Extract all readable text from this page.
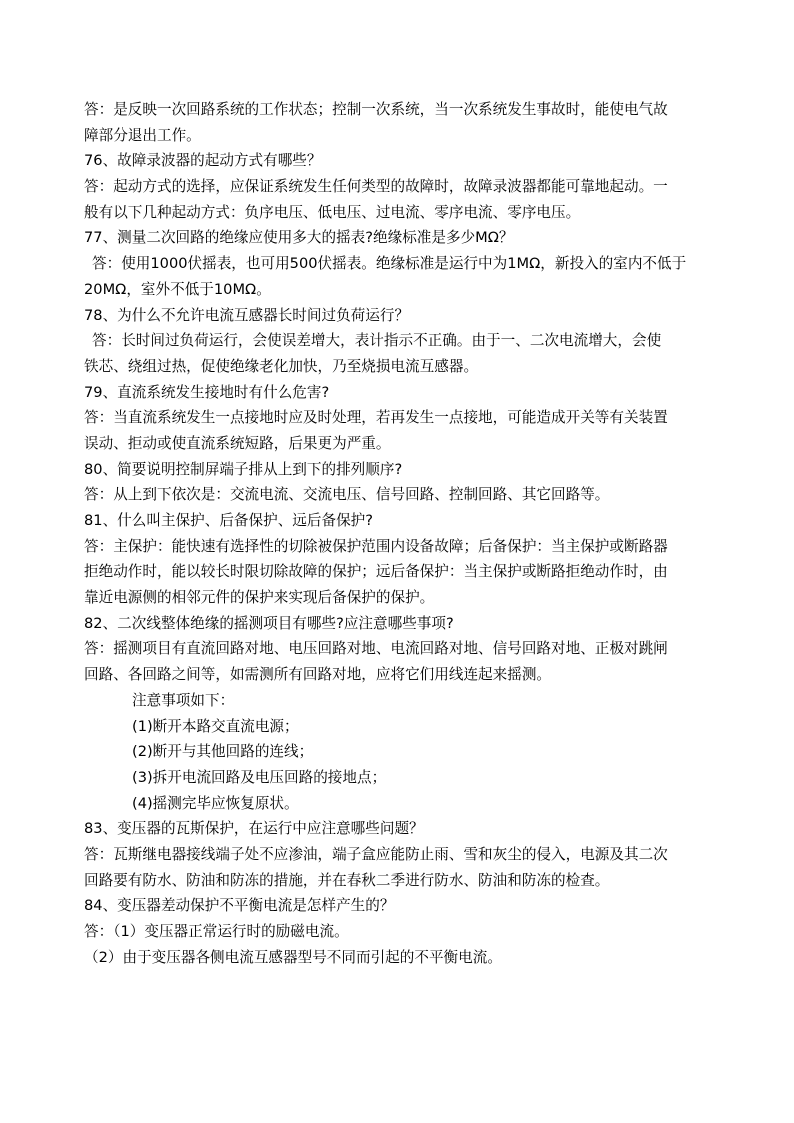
答：是反映一次回路系统的工作状态；控制一次系统，当一次系统发生事故时，能使电气故
障部分退出工作。
76、故障录波器的起动方式有哪些？
答：起动方式的选择，应保证系统发生任何类型的故障时，故障录波器都能可靠地起动。一
般有以下几种起动方式：负序电压、低电压、过电流、零序电流、零序电压。
77、测量二次回路的绝缘应使用多大的摇表?绝缘标准是多少MΩ？
答：使用1000伏摇表，也可用500伏摇表。绝缘标准是运行中为1MΩ，新投入的室内不低于
20MΩ，室外不低于10MΩ。
78、为什么不允许电流互感器长时间过负荷运行？
答：长时间过负荷运行，会使误差增大，表计指示不正确。由于一、二次电流增大，会使
铁芯、绕组过热，促使绝缘老化加快，乃至烧损电流互感器。
79、直流系统发生接地时有什么危害?
答：当直流系统发生一点接地时应及时处理，若再发生一点接地，可能造成开关等有关装置
误动、拒动或使直流系统短路，后果更为严重。
80、简要说明控制屏端子排从上到下的排列顺序?
答：从上到下依次是：交流电流、交流电压、信号回路、控制回路、其它回路等。
81、什么叫主保护、后备保护、远后备保护?
答：主保护：能快速有选择性的切除被保护范围内设备故障；后备保护：当主保护或断路器
拒绝动作时，能以较长时限切除故障的保护；远后备保护：当主保护或断路拒绝动作时，由
靠近电源侧的相邻元件的保护来实现后备保护的保护。
82、二次线整体绝缘的摇测项目有哪些?应注意哪些事项?
答：摇测项目有直流回路对地、电压回路对地、电流回路对地、信号回路对地、正极对跳闸
回路、各回路之间等，如需测所有回路对地，应将它们用线连起来摇测。
注意事项如下：
(1)断开本路交直流电源；
(2)断开与其他回路的连线；
(3)拆开电流回路及电压回路的接地点；
(4)摇测完毕应恢复原状。
83、变压器的瓦斯保护，在运行中应注意哪些问题？
答：瓦斯继电器接线端子处不应渗油，端子盒应能防止雨、雪和灰尘的侵入，电源及其二次
回路要有防水、防油和防冻的措施，并在春秋二季进行防水、防油和防冻的检查。
84、变压器差动保护不平衡电流是怎样产生的？
答：（1）变压器正常运行时的励磁电流。
（2）由于变压器各侧电流互感器型号不同而引起的不平衡电流。
